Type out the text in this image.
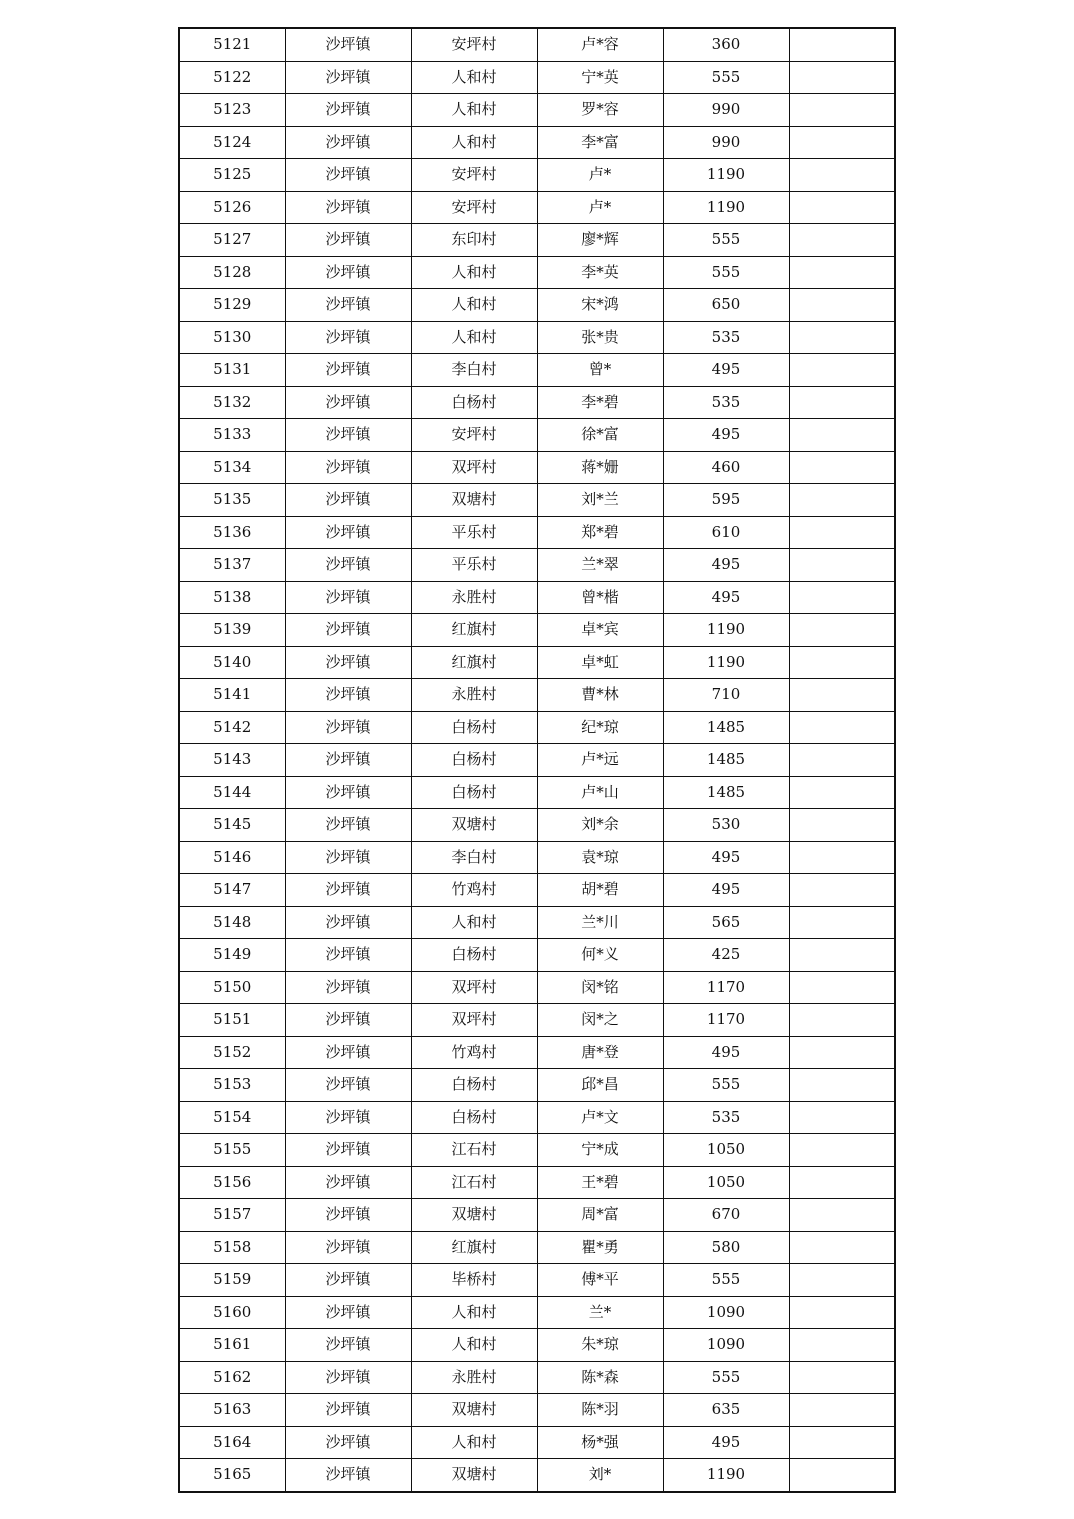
5121	沙坪镇	安坪村	卢*容	360	
5122	沙坪镇	人和村	宁*英	555	
5123	沙坪镇	人和村	罗*容	990	
5124	沙坪镇	人和村	李*富	990	
5125	沙坪镇	安坪村	卢*	1190	
5126	沙坪镇	安坪村	卢*	1190	
5127	沙坪镇	东印村	廖*辉	555	
5128	沙坪镇	人和村	李*英	555	
5129	沙坪镇	人和村	宋*鸿	650	
5130	沙坪镇	人和村	张*贵	535	
5131	沙坪镇	李白村	曾*	495	
5132	沙坪镇	白杨村	李*碧	535	
5133	沙坪镇	安坪村	徐*富	495	
5134	沙坪镇	双坪村	蒋*姗	460	
5135	沙坪镇	双塘村	刘*兰	595	
5136	沙坪镇	平乐村	郑*碧	610	
5137	沙坪镇	平乐村	兰*翠	495	
5138	沙坪镇	永胜村	曾*楷	495	
5139	沙坪镇	红旗村	卓*宾	1190	
5140	沙坪镇	红旗村	卓*虹	1190	
5141	沙坪镇	永胜村	曹*林	710	
5142	沙坪镇	白杨村	纪*琼	1485	
5143	沙坪镇	白杨村	卢*远	1485	
5144	沙坪镇	白杨村	卢*山	1485	
5145	沙坪镇	双塘村	刘*余	530	
5146	沙坪镇	李白村	袁*琼	495	
5147	沙坪镇	竹鸡村	胡*碧	495	
5148	沙坪镇	人和村	兰*川	565	
5149	沙坪镇	白杨村	何*义	425	
5150	沙坪镇	双坪村	闵*铭	1170	
5151	沙坪镇	双坪村	闵*之	1170	
5152	沙坪镇	竹鸡村	唐*登	495	
5153	沙坪镇	白杨村	邱*昌	555	
5154	沙坪镇	白杨村	卢*文	535	
5155	沙坪镇	江石村	宁*成	1050	
5156	沙坪镇	江石村	王*碧	1050	
5157	沙坪镇	双塘村	周*富	670	
5158	沙坪镇	红旗村	瞿*勇	580	
5159	沙坪镇	毕桥村	傅*平	555	
5160	沙坪镇	人和村	兰*	1090	
5161	沙坪镇	人和村	朱*琼	1090	
5162	沙坪镇	永胜村	陈*森	555	
5163	沙坪镇	双塘村	陈*羽	635	
5164	沙坪镇	人和村	杨*强	495	
5165	沙坪镇	双塘村	刘*	1190	
